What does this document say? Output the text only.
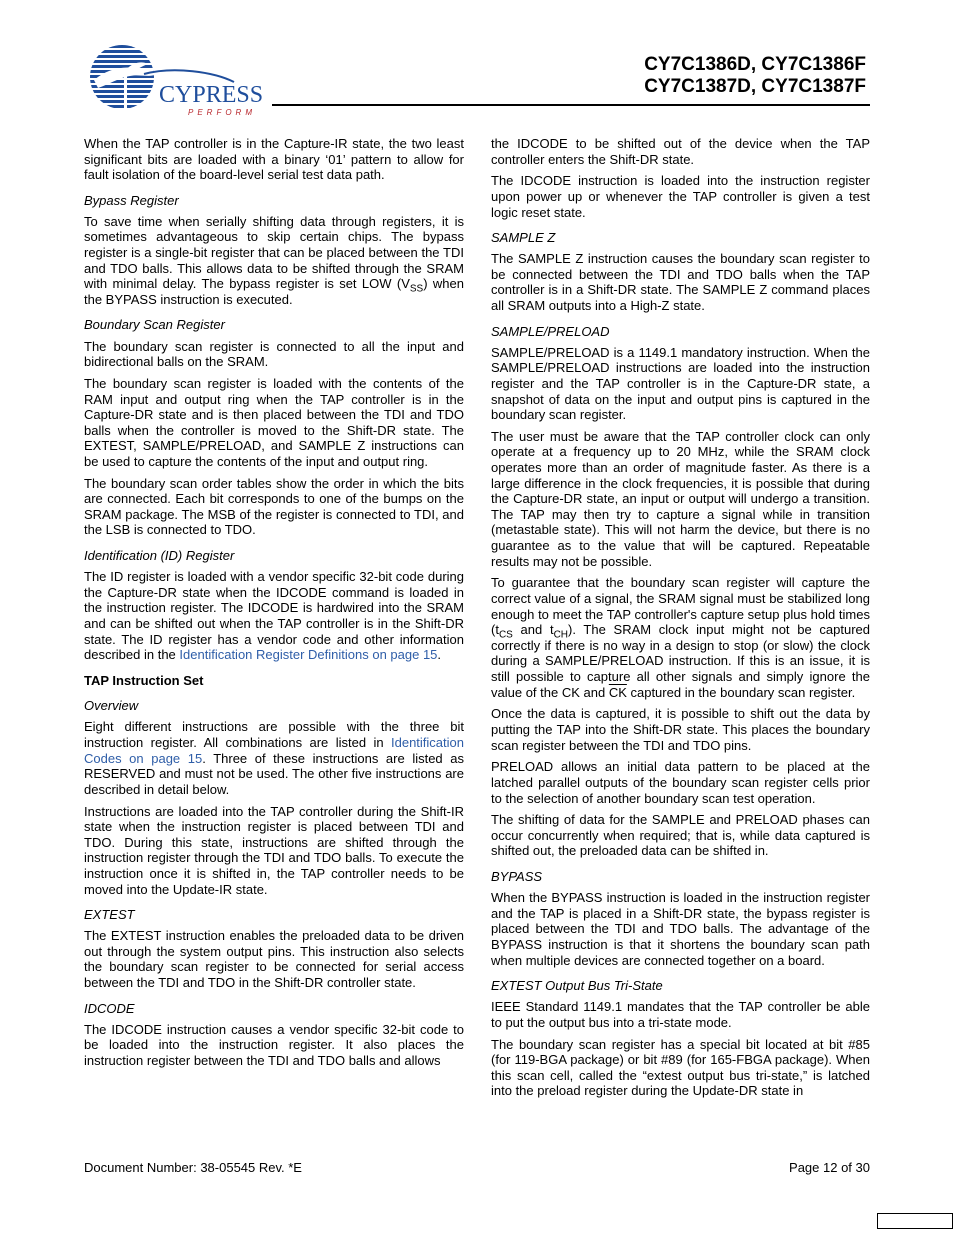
CYPRESS
PERFORM
CY7C1386D, CY7C1386F
CY7C1387D, CY7C1387F

When the TAP controller is in the Capture-IR state, the two least significant bits are loaded with a binary ‘01’ pattern to allow for fault isolation of the board-level serial test data path.

Bypass Register

To save time when serially shifting data through registers, it is sometimes advantageous to skip certain chips. The bypass register is a single-bit register that can be placed between the TDI and TDO balls. This allows data to be shifted through the SRAM with minimal delay. The bypass register is set LOW $(V_{SS})$ when the BYPASS instruction is executed.

Boundary Scan Register

The boundary scan register is connected to all the input and bidirectional balls on the SRAM.

The boundary scan register is loaded with the contents of the RAM input and output ring when the TAP controller is in the Capture-DR state and is then placed between the TDI and TDO balls when the controller is moved to the Shift-DR state. The EXTEST, SAMPLE/PRELOAD, and SAMPLE Z instructions can be used to capture the contents of the input and output ring.

The boundary scan order tables show the order in which the bits are connected. Each bit corresponds to one of the bumps on the SRAM package. The MSB of the register is connected to TDI, and the LSB is connected to TDO.

Identification (ID) Register

The ID register is loaded with a vendor specific 32-bit code during the Capture-DR state when the IDCODE command is loaded in the instruction register. The IDCODE is hardwired into the SRAM and can be shifted out when the TAP controller is in the Shift-DR state. The ID register has a vendor code and other information described in the Identification Register Definitions on page 15.

TAP Instruction Set
Overview

Eight different instructions are possible with the three bit instruction register. All combinations are listed in Identification Codes on page 15. Three of these instructions are listed as RESERVED and must not be used. The other five instructions are described in detail below.

Instructions are loaded into the TAP controller during the Shift-IR state when the instruction register is placed between TDI and TDO. During this state, instructions are shifted through the instruction register through the TDI and TDO balls. To execute the instruction once it is shifted in, the TAP controller needs to be moved into the Update-IR state.

EXTEST

The EXTEST instruction enables the preloaded data to be driven out through the system output pins. This instruction also selects the boundary scan register to be connected for serial access between the TDI and TDO in the Shift-DR controller state.

IDCODE

The IDCODE instruction causes a vendor specific 32-bit code to be loaded into the instruction register. It also places the instruction register between the TDI and TDO balls and allows

the IDCODE to be shifted out of the device when the TAP controller enters the Shift-DR state.

The IDCODE instruction is loaded into the instruction register upon power up or whenever the TAP controller is given a test logic reset state.

SAMPLE Z

The SAMPLE Z instruction causes the boundary scan register to be connected between the TDI and TDO balls when the TAP controller is in a Shift-DR state. The SAMPLE Z command places all SRAM outputs into a High-Z state.

SAMPLE/PRELOAD

SAMPLE/PRELOAD is a 1149.1 mandatory instruction. When the SAMPLE/PRELOAD instructions are loaded into the instruction register and the TAP controller is in the Capture-DR state, a snapshot of data on the input and output pins is captured in the boundary scan register.

The user must be aware that the TAP controller clock can only operate at a frequency up to 20 MHz, while the SRAM clock operates more than an order of magnitude faster. As there is a large difference in the clock frequencies, it is possible that during the Capture-DR state, an input or output will undergo a transition. The TAP may then try to capture a signal while in transition (metastable state). This will not harm the device, but there is no guarantee as to the value that will be captured. Repeatable results may not be possible.

To guarantee that the boundary scan register will capture the correct value of a signal, the SRAM signal must be stabilized long enough to meet the TAP controller's capture setup plus hold times ($t_{CS}$ and $t_{CH}$). The SRAM clock input might not be captured correctly if there is no way in a design to stop (or slow) the clock during a SAMPLE/PRELOAD instruction. If this is an issue, it is still possible to capture all other signals and simply ignore the value of the CK and $\overline{CK}$ captured in the boundary scan register.

Once the data is captured, it is possible to shift out the data by putting the TAP into the Shift-DR state. This places the boundary scan register between the TDI and TDO pins.

PRELOAD allows an initial data pattern to be placed at the latched parallel outputs of the boundary scan register cells prior to the selection of another boundary scan test operation.

The shifting of data for the SAMPLE and PRELOAD phases can occur concurrently when required; that is, while data captured is shifted out, the preloaded data can be shifted in.

BYPASS

When the BYPASS instruction is loaded in the instruction register and the TAP is placed in a Shift-DR state, the bypass register is placed between the TDI and TDO balls. The advantage of the BYPASS instruction is that it shortens the boundary scan path when multiple devices are connected together on a board.

EXTEST Output Bus Tri-State

IEEE Standard 1149.1 mandates that the TAP controller be able to put the output bus into a tri-state mode.

The boundary scan register has a special bit located at bit #85 (for 119-BGA package) or bit #89 (for 165-FBGA package). When this scan cell, called the “extest output bus tri-state,” is latched into the preload register during the Update-DR state in

Document Number: 38-05545 Rev. *E	Page 12 of 30
